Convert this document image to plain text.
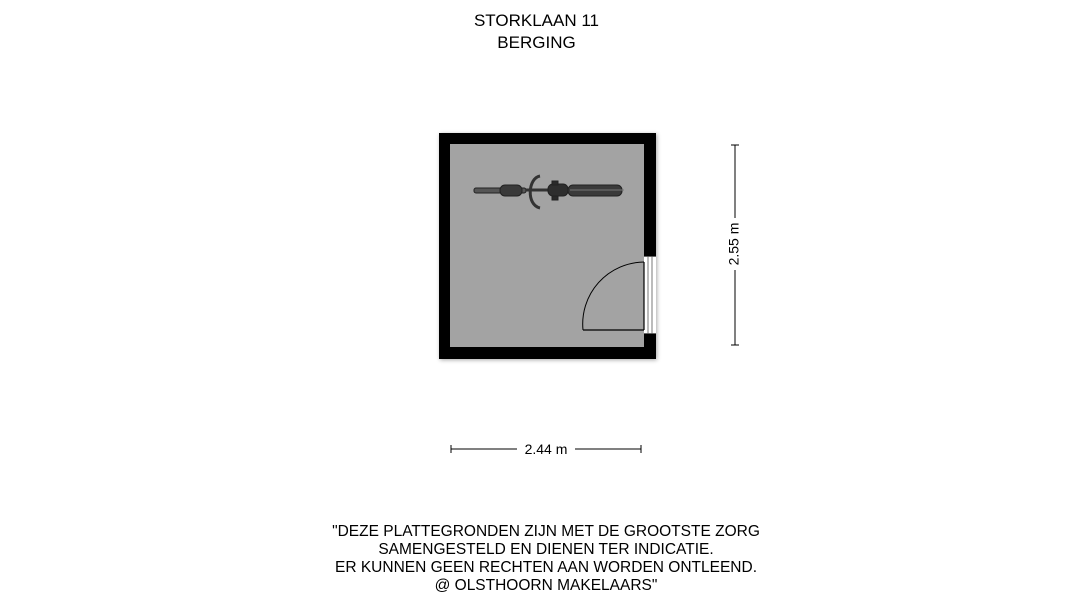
STORKLAAN 11
BERGING
2.55 m
2.44 m
"DEZE PLATTEGRONDEN ZIJN MET DE GROOTSTE ZORG
SAMENGESTELD EN DIENEN TER INDICATIE.
ER KUNNEN GEEN RECHTEN AAN WORDEN ONTLEEND.
@ OLSTHOORN MAKELAARS"
